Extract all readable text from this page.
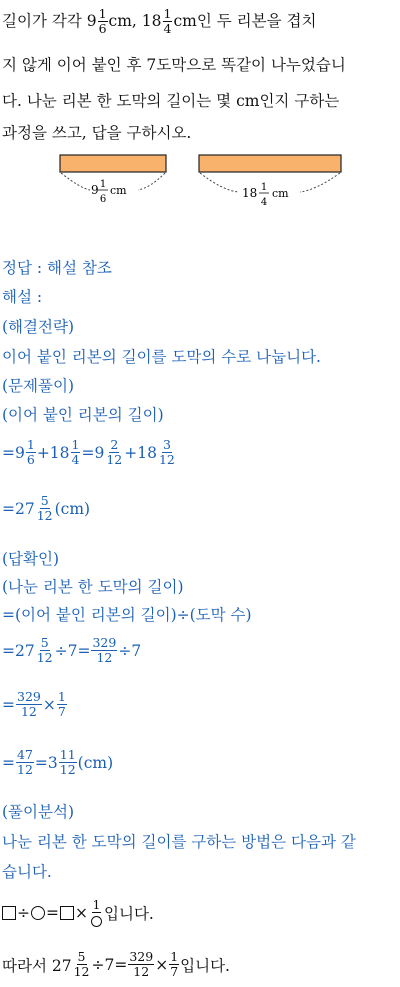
길이가 각각 $9 \frac{1}{6}$ cm, $18 \frac{1}{4}$ cm인 두 리본을 겹치
지 않게 이어 붙인 후 7도막으로 똑같이 나누었습니
다. 나눈 리본 한 도막의 길이는 몇 cm인지 구하는
과정을 쓰고, 답을 구하시오.
9 1
6
cm	18 1
4
cm
정답 : 해설 참조
해설 :
(해결전략)
이어 붙인 리본의 길이를 도막의 수로 나눕니다.
(문제풀이)
(이어 붙인 리본의 길이)
$=9 \frac{1}{6} +18 \frac{1}{4} =9 \frac{2}{12} +18 \frac{3}{12}$
$=27 \frac{5}{12} (cm)$
(답확인)
(나눈 리본 한 도막의 길이)
=(이어 붙인 리본의 길이)÷(도막 수)
$=27 \frac{5}{12} \div 7= \frac{329}{12} \div 7$
= $\frac{329}{12} \times \frac{1}{7}$
= $\frac{47}{12} =3 \frac{11}{12} (cm)$
(풀이분석)
나눈 리본 한 도막의 길이를 구하는 방법은 다음과 같
습니다.
÷ = × 1 입니다.
따라서 $27 \frac{5}{12} \div 7= \frac{329}{12} \times \frac{1}{7}$ 입니다.
